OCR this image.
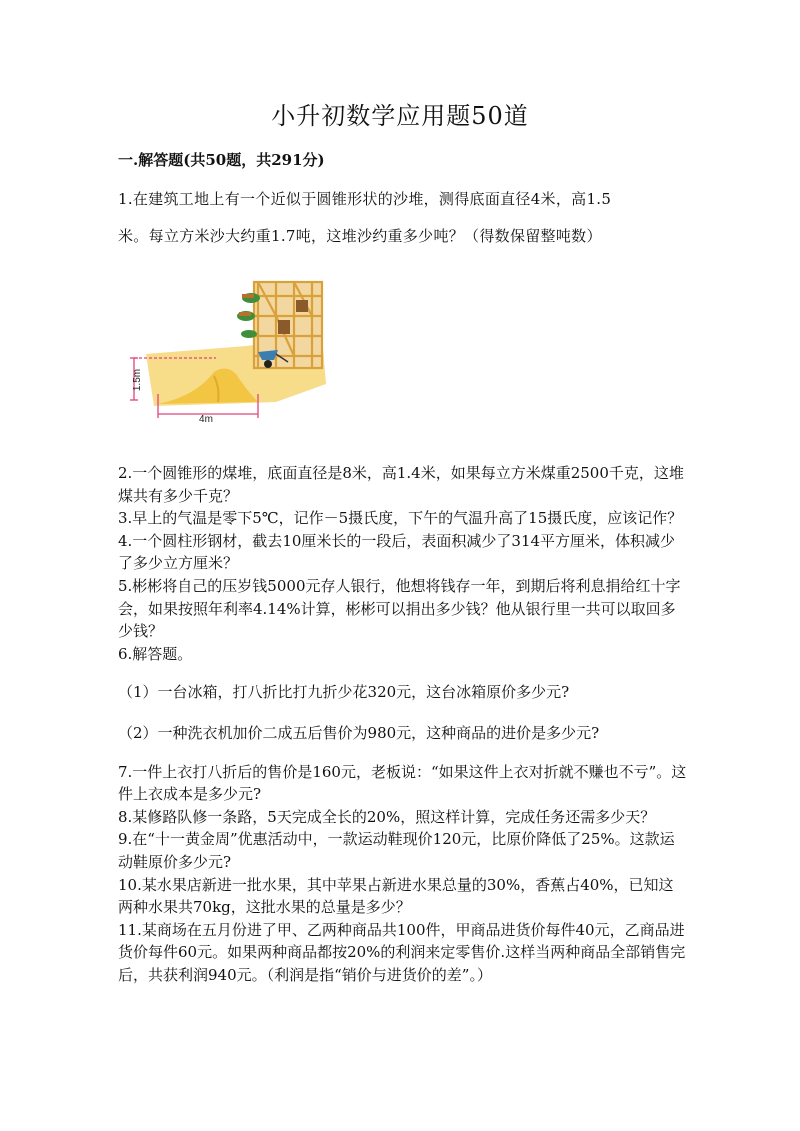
小升初数学应用题50道
一.解答题(共50题，共291分)
1.在建筑工地上有一个近似于圆锥形状的沙堆，测得底面直径4米，高1.5
米。每立方米沙大约重1.7吨，这堆沙约重多少吨？（得数保留整吨数）
1.5m
4m

2.一个圆锥形的煤堆，底面直径是8米，高1.4米，如果每立方米煤重2500千克，这堆煤共有多少千克？

3.早上的气温是零下5℃，记作－5摄氏度，下午的气温升高了15摄氏度，应该记作？

4.一个圆柱形钢材，截去10厘米长的一段后，表面积减少了314平方厘米，体积减少了多少立方厘米？

5.彬彬将自己的压岁钱5000元存人银行，他想将钱存一年，到期后将利息捐给红十字会，如果按照年利率4.14%计算，彬彬可以捐出多少钱？他从银行里一共可以取回多少钱？

6.解答题。

（1）一台冰箱，打八折比打九折少花320元，这台冰箱原价多少元?

（2）一种洗衣机加价二成五后售价为980元，这种商品的进价是多少元?

7.一件上衣打八折后的售价是160元，老板说：“如果这件上衣对折就不赚也不亏”。这件上衣成本是多少元?

8.某修路队修一条路，5天完成全长的20%，照这样计算，完成任务还需多少天？

9.在“十一黄金周”优惠活动中，一款运动鞋现价120元，比原价降低了25%。这款运动鞋原价多少元?

10.某水果店新进一批水果，其中苹果占新进水果总量的30%，香蕉占40%，已知这两种水果共70kg，这批水果的总量是多少？

11.某商场在五月份进了甲、乙两种商品共100件，甲商品进货价每件40元，乙商品进货价每件60元。如果两种商品都按20%的利润来定零售价.这样当两种商品全部销售完后，共获利润940元。（利润是指“销价与进货价的差”。）
